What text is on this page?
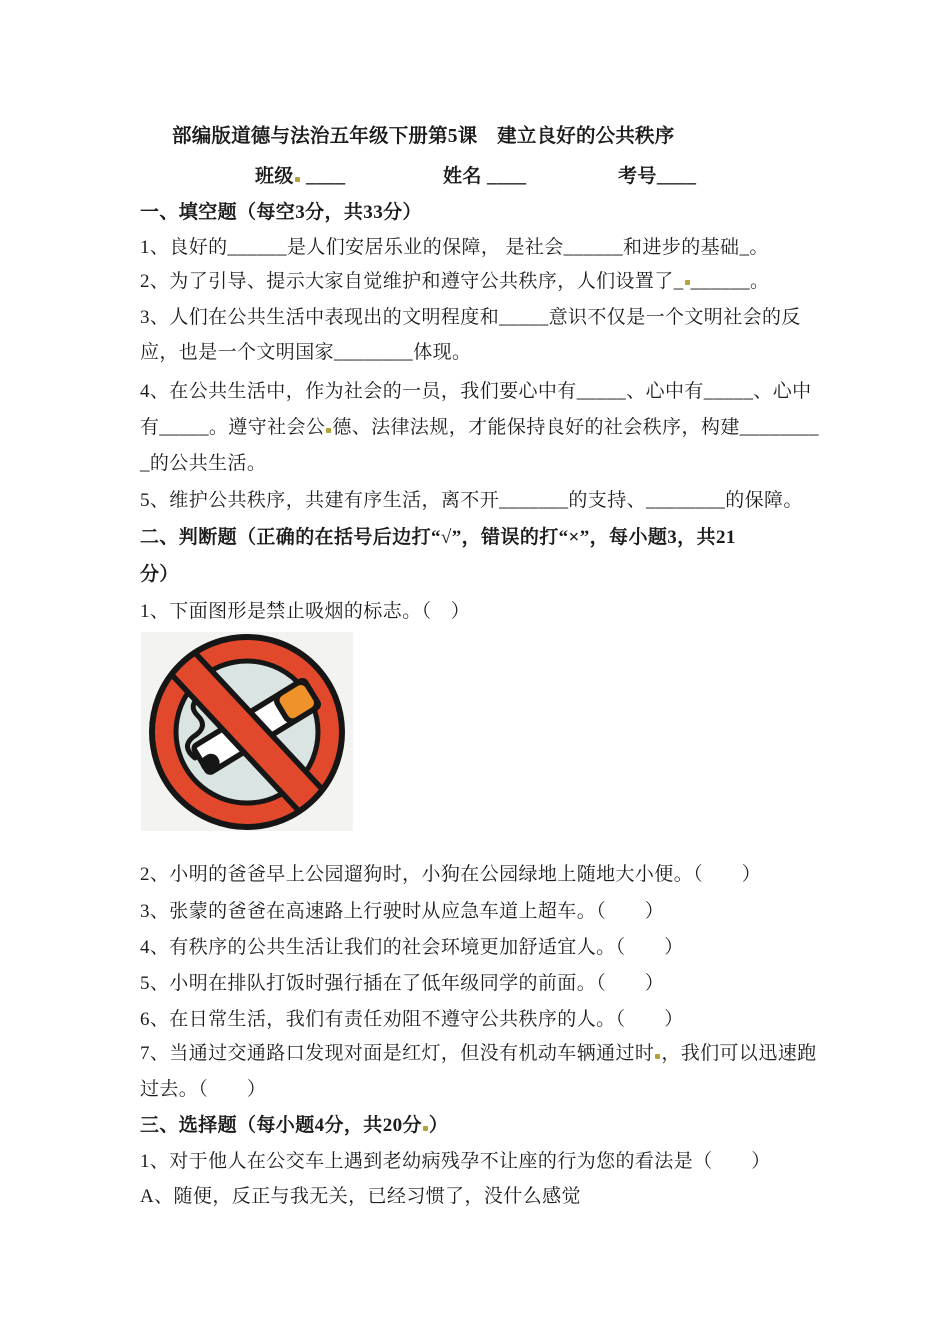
部编版道德与法治五年级下册第5课　建立良好的公共秩序
班级 ____	姓名 ____	考号____
一、填空题（每空3分，共33分）
1、良好的______是人们安居乐业的保障， 是社会______和进步的基础_。
2、为了引导、提示大家自觉维护和遵守公共秩序，人们设置了_ ______。
3、人们在公共生活中表现出的文明程度和_____意识不仅是一个文明社会的反
应，也是一个文明国家________体现。
4、在公共生活中，作为社会的一员，我们要心中有_____、心中有_____、心中
有_____。遵守社会公 德、法律法规，才能保持良好的社会秩序，构建________
_的公共生活。
5、维护公共秩序，共建有序生活，离不开_______的支持、________的保障。
二、判断题（正确的在括号后边打“√”，错误的打“×”，每小题3，共21
分）
1、下面图形是禁止吸烟的标志。（　）
2、小明的爸爸早上公园遛狗时，小狗在公园绿地上随地大小便。（　　）
3、张蒙的爸爸在高速路上行驶时从应急车道上超车。（　　）
4、有秩序的公共生活让我们的社会环境更加舒适宜人。（　　）
5、小明在排队打饭时强行插在了低年级同学的前面。（　　）
6、在日常生活，我们有责任劝阻不遵守公共秩序的人。（　　）
7、当通过交通路口发现对面是红灯，但没有机动车辆通过时 ，我们可以迅速跑
过去。（　　）
三、选择题（每小题4分，共20分 ）
1、对于他人在公交车上遇到老幼病残孕不让座的行为您的看法是（　　）
A、随便，反正与我无关，已经习惯了，没什么感觉
